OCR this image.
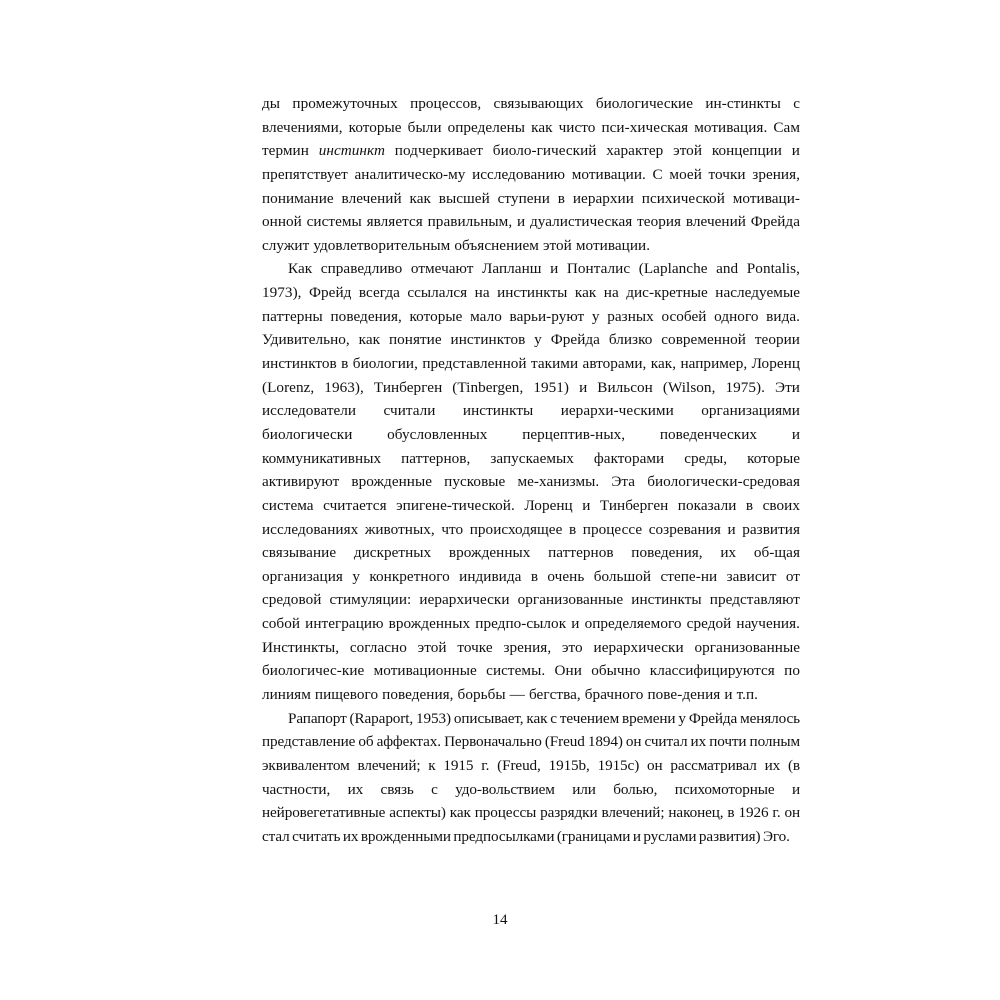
ды промежуточных процессов, связывающих биологические ин-стинкты с влечениями, которые были определены как чисто пси-хическая мотивация. Сам термин инстинкт подчеркивает биоло-гический характер этой концепции и препятствует аналитическо-му исследованию мотивации. С моей точки зрения, понимание влечений как высшей ступени в иерархии психической мотиваци-онной системы является правильным, и дуалистическая теория влечений Фрейда служит удовлетворительным объяснением этой мотивации.

Как справедливо отмечают Лапланш и Понталис (Laplanche and Pontalis, 1973), Фрейд всегда ссылался на инстинкты как на дис-кретные наследуемые паттерны поведения, которые мало варьи-руют у разных особей одного вида. Удивительно, как понятие инстинктов у Фрейда близко современной теории инстинктов в биологии, представленной такими авторами, как, например, Лоренц (Lorenz, 1963), Тинберген (Tinbergen, 1951) и Вильсон (Wilson, 1975). Эти исследователи считали инстинкты иерархи-ческими организациями биологически обусловленных перцептив-ных, поведенческих и коммуникативных паттернов, запускаемых факторами среды, которые активируют врожденные пусковые ме-ханизмы. Эта биологически-средовая система считается эпигене-тической. Лоренц и Тинберген показали в своих исследованиях животных, что происходящее в процессе созревания и развития связывание дискретных врожденных паттернов поведения, их об-щая организация у конкретного индивида в очень большой степе-ни зависит от средовой стимуляции: иерархически организованные инстинкты представляют собой интеграцию врожденных предпо-сылок и определяемого средой научения. Инстинкты, согласно этой точке зрения, это иерархически организованные биологичес-кие мотивационные системы. Они обычно классифицируются по линиям пищевого поведения, борьбы — бегства, брачного пове-дения и т.п.

Рапапорт (Rapaport, 1953) описывает, как с течением времени у Фрейда менялось представление об аффектах. Первоначально (Freud 1894) он считал их почти полным эквивалентом влечений; к 1915 г. (Freud, 1915b, 1915c) он рассматривал их (в частности, их связь с удо-вольствием или болью, психомоторные и нейровегетативные аспекты) как процессы разрядки влечений; наконец, в 1926 г. он стал считать их врожденными предпосылками (границами и руслами развития) Эго.

14
